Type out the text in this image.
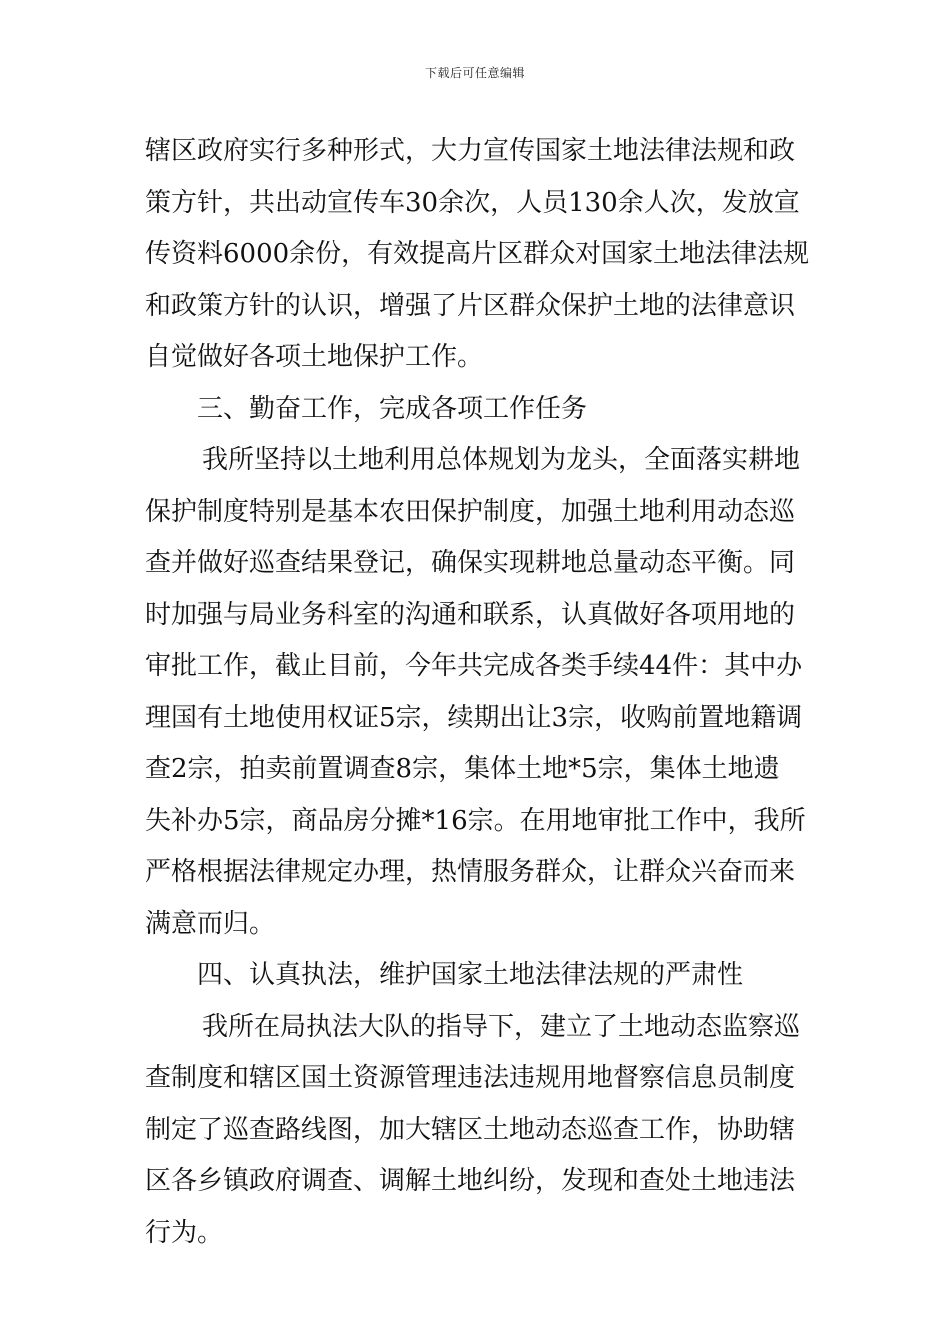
下载后可任意编辑
辖区政府实行多种形式，大力宣传国家土地法律法规和政
策方针，共出动宣传车30余次，人员130余人次，发放宣
传资料6000余份，有效提高片区群众对国家土地法律法规
和政策方针的认识，增强了片区群众保护土地的法律意识
自觉做好各项土地保护工作。
三、勤奋工作，完成各项工作任务
我所坚持以土地利用总体规划为龙头，全面落实耕地
保护制度特别是基本农田保护制度，加强土地利用动态巡
查并做好巡查结果登记，确保实现耕地总量动态平衡。同
时加强与局业务科室的沟通和联系，认真做好各项用地的
审批工作，截止目前，今年共完成各类手续44件：其中办
理国有土地使用权证5宗，续期出让3宗，收购前置地籍调
查2宗，拍卖前置调查8宗，集体土地*5宗，集体土地遗
失补办5宗，商品房分摊*16宗。在用地审批工作中，我所
严格根据法律规定办理，热情服务群众，让群众兴奋而来
满意而归。
四、认真执法，维护国家土地法律法规的严肃性
我所在局执法大队的指导下，建立了土地动态监察巡
查制度和辖区国土资源管理违法违规用地督察信息员制度
制定了巡查路线图，加大辖区土地动态巡查工作，协助辖
区各乡镇政府调查、调解土地纠纷，发现和查处土地违法
行为。
